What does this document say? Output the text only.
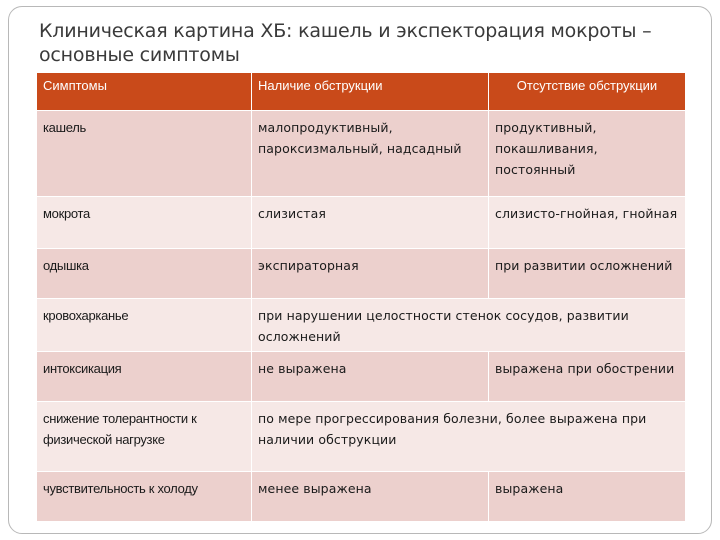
Клиническая картина ХБ: кашель и экспекторация мокроты –
основные симптомы
Симптомы	Наличие обструкции	Отсутствие обструкции
кашель	малопродуктивный, пароксизмальный, надсадный	продуктивный, покашливания, постоянный
мокрота	слизистая	слизисто-гнойная, гнойная
одышка	экспираторная	при развитии осложнений
кровохарканье	при нарушении целостности стенок сосудов, развитии осложнений	
интоксикация	не выражена	выражена при обострении
снижение толерантности к физической нагрузке	по мере прогрессирования болезни, более выражена при наличии обструкции	
чувствительность к холоду	менее выражена	выражена
